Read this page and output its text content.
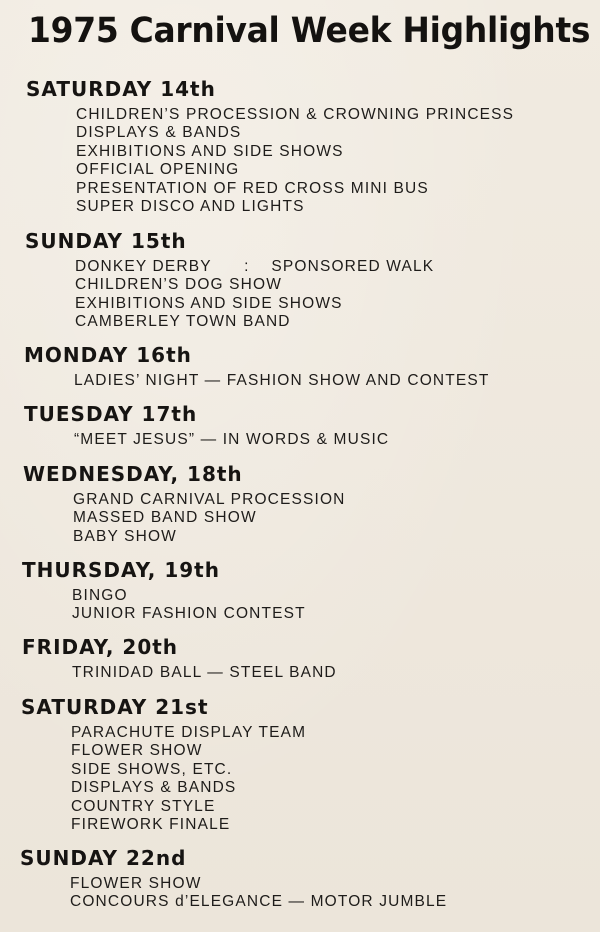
1975 Carnival Week Highlights
SATURDAY 14th
CHILDREN’S PROCESSION & CROWNING PRINCESS
DISPLAYS & BANDS
EXHIBITIONS AND SIDE SHOWS
OFFICIAL OPENING
PRESENTATION OF RED CROSS MINI BUS
SUPER DISCO AND LIGHTS
SUNDAY 15th
DONKEY DERBY      :    SPONSORED WALK
CHILDREN’S DOG SHOW
EXHIBITIONS AND SIDE SHOWS
CAMBERLEY TOWN BAND
MONDAY 16th
LADIES’ NIGHT — FASHION SHOW AND CONTEST
TUESDAY 17th
“MEET JESUS” — IN WORDS & MUSIC
WEDNESDAY, 18th
GRAND CARNIVAL PROCESSION
MASSED BAND SHOW
BABY SHOW
THURSDAY, 19th
BINGO
JUNIOR FASHION CONTEST
FRIDAY, 20th
TRINIDAD BALL — STEEL BAND
SATURDAY 21st
PARACHUTE DISPLAY TEAM
FLOWER SHOW
SIDE SHOWS, ETC.
DISPLAYS & BANDS
COUNTRY STYLE
FIREWORK FINALE
SUNDAY 22nd
FLOWER SHOW
CONCOURS d’ELEGANCE — MOTOR JUMBLE
